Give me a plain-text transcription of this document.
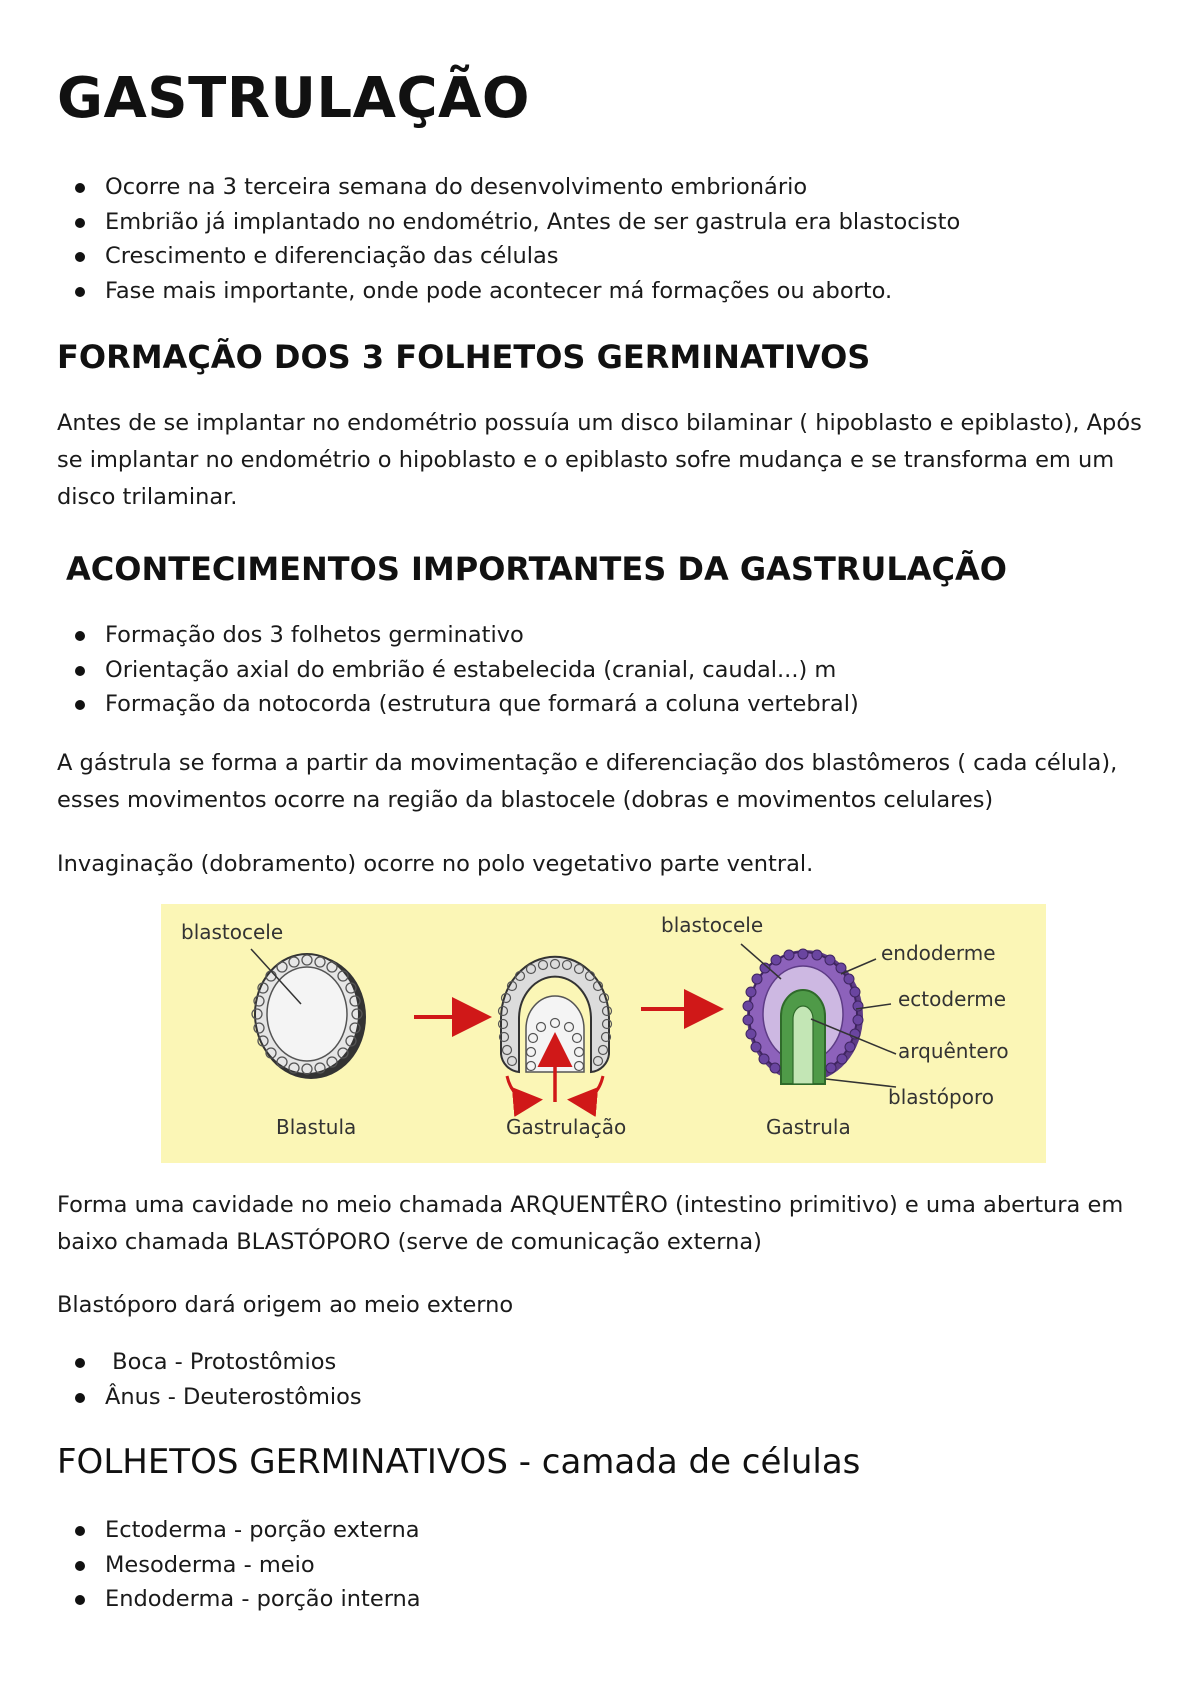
GASTRULAÇÃO
Ocorre na 3 terceira semana do desenvolvimento embrionário
Embrião já implantado no endométrio, Antes de ser gastrula era blastocisto
Crescimento e diferenciação das células
Fase mais importante, onde pode acontecer má formações ou aborto.
FORMAÇÃO DOS 3 FOLHETOS GERMINATIVOS

Antes de se implantar no endométrio possuía um disco bilaminar ( hipoblasto e epiblasto), Após se implantar no endométrio o hipoblasto e o epiblasto sofre mudança e se transforma em um disco trilaminar.

ACONTECIMENTOS IMPORTANTES DA GASTRULAÇÃO
Formação dos 3 folhetos germinativo
Orientação axial do embrião é estabelecida (cranial, caudal...) m
Formação da notocorda (estrutura que formará a coluna vertebral)

A gástrula se forma a partir da movimentação e diferenciação dos blastômeros ( cada célula), esses movimentos ocorre na região da blastocele (dobras e movimentos celulares)

Invaginação (dobramento) ocorre no polo vegetativo parte ventral.

blastocele
Blastula	Gastrulação
blastocele
endoderme
ectoderme
arquêntero
blastóporo
Gastrula

Forma uma cavidade no meio chamada ARQUENTÊRO (intestino primitivo) e uma abertura em baixo chamada BLASTÓPORO (serve de comunicação externa)

Blastóporo dará origem ao meio externo

Boca - Protostômios
Ânus - Deuterostômios
FOLHETOS GERMINATIVOS - camada de células
Ectoderma - porção externa
Mesoderma - meio
Endoderma - porção interna
